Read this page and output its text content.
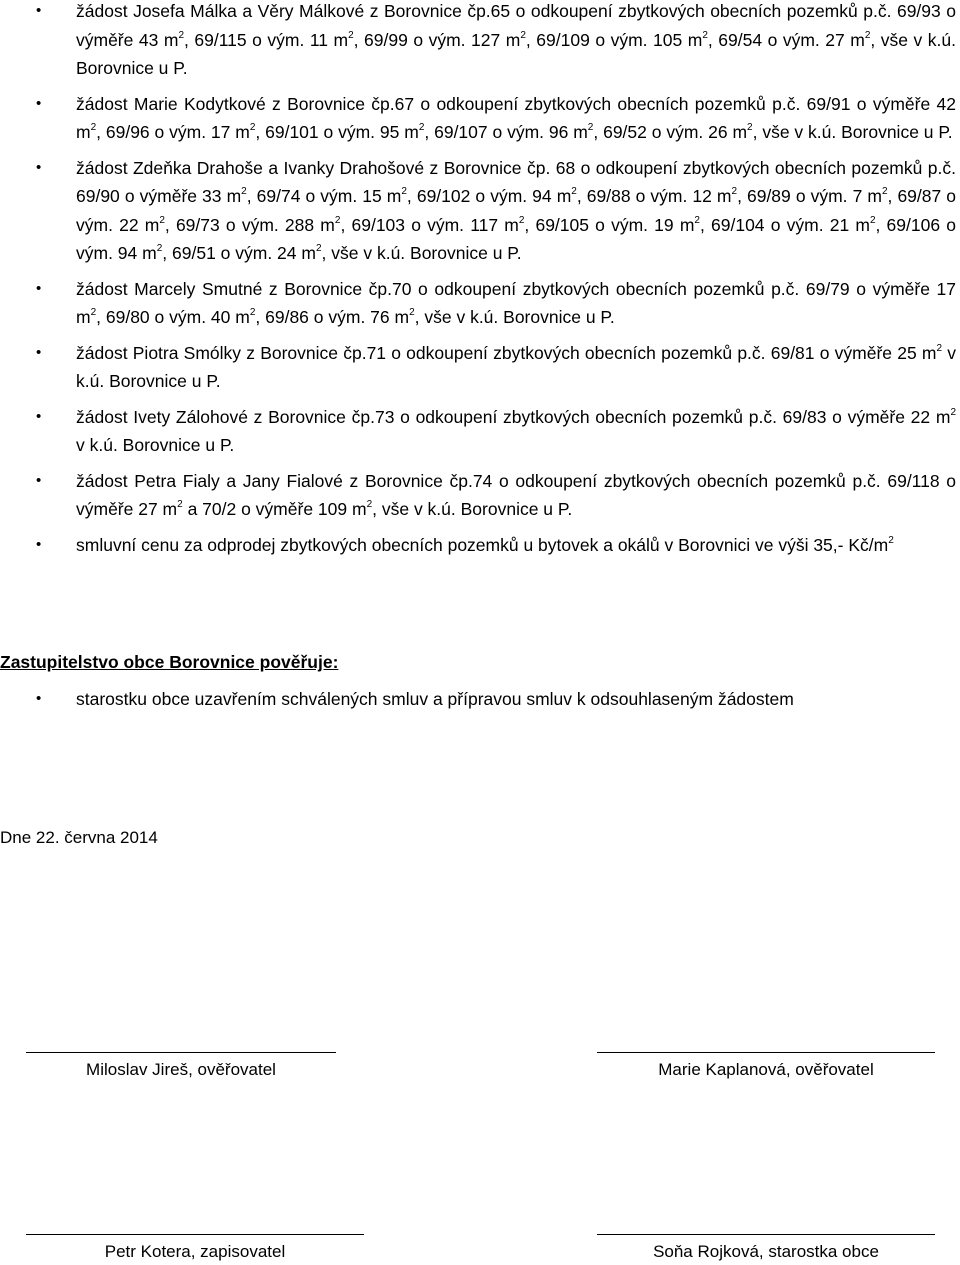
• žádost Josefa Málka a Věry Málkové z Borovnice čp.65 o odkoupení zbytkových obecních pozemků p.č. 69/93 o výměře 43 $m^2$, 69/115 o vým. 11 $m^2$, 69/99 o vým. 127 $m^2$, 69/109 o vým. 105 $m^2$, 69/54 o vým. 27 $m^2$, vše v k.ú. Borovnice u P.
• žádost Marie Kodytkové z Borovnice čp.67 o odkoupení zbytkových obecních pozemků p.č. 69/91 o výměře 42 $m^2$, 69/96 o vým. 17 $m^2$, 69/101 o vým. 95 $m^2$, 69/107 o vým. 96 $m^2$, 69/52 o vým. 26 $m^2$, vše v k.ú. Borovnice u P.
• žádost Zdeňka Drahoše a Ivanky Drahošové z Borovnice čp. 68 o odkoupení zbytkových obecních pozemků p.č. 69/90 o výměře 33 $m^2$, 69/74 o vým. 15 $m^2$, 69/102 o vým. 94 $m^2$, 69/88 o vým. 12 $m^2$, 69/89 o vým. 7 $m^2$, 69/87 o vým. 22 $m^2$, 69/73 o vým. 288 $m^2$, 69/103 o vým. 117 $m^2$, 69/105 o vým. 19 $m^2$, 69/104 o vým. 21 $m^2$, 69/106 o vým. 94 $m^2$, 69/51 o vým. 24 $m^2$, vše v k.ú. Borovnice u P.
• žádost Marcely Smutné z Borovnice čp.70 o odkoupení zbytkových obecních pozemků p.č. 69/79 o výměře 17 $m^2$, 69/80 o vým. 40 $m^2$, 69/86 o vým. 76 $m^2$, vše v k.ú. Borovnice u P.
• žádost Piotra Smólky z Borovnice čp.71 o odkoupení zbytkových obecních pozemků p.č. 69/81 o výměře 25 $m^2$ v k.ú. Borovnice u P.
• žádost Ivety Zálohové z Borovnice čp.73 o odkoupení zbytkových obecních pozemků p.č. 69/83 o výměře 22 $m^2$ v k.ú. Borovnice u P.
• žádost Petra Fialy a Jany Fialové z Borovnice čp.74 o odkoupení zbytkových obecních pozemků p.č. 69/118 o výměře 27 $m^2$ a 70/2 o výměře 109 $m^2$, vše v k.ú. Borovnice u P.
• smluvní cenu za odprodej zbytkových obecních pozemků u bytovek a okálů v Borovnici ve výši 35,- $Kč/m^2$
Zastupitelstvo obce Borovnice pověřuje:
• starostku obce uzavřením schválených smluv a přípravou smluv k odsouhlaseným žádostem
Dne 22. června 2014
Miloslav Jireš, ověřovatel	Marie Kaplanová, ověřovatel
Petr Kotera, zapisovatel	Soňa Rojková, starostka obce
